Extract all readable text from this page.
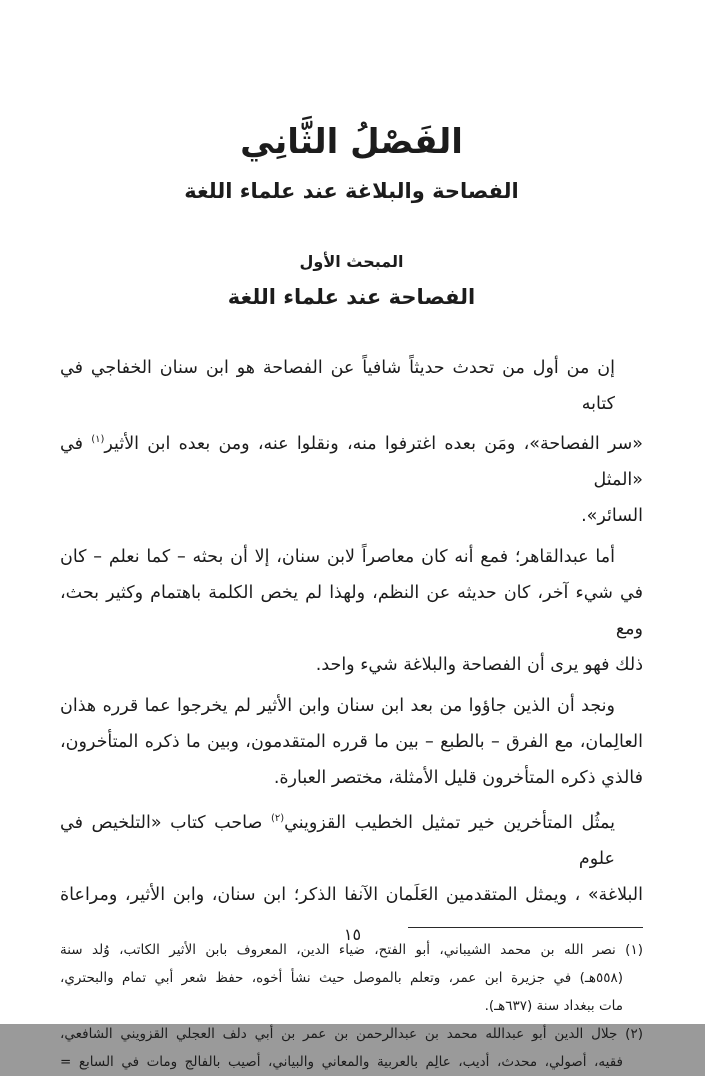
الفَصْلُ الثَّانِي
الفصاحة والبلاغة عند علماء اللغة
المبحث الأول
الفصاحة عند علماء اللغة
إن من أول من تحدث حديثاً شافياً عن الفصاحة هو ابن سنان الخفاجي في كتابه
«سر الفصاحة»، ومَن بعده اغترفوا منه، ونقلوا عنه، ومن بعده ابن الأثير$^{(١)}$ في «المثل
السائر».
أما عبدالقاهر؛ فمع أنه كان معاصراً لابن سنان، إلا أن بحثه – كما نعلم – كان
في شيء آخر، كان حديثه عن النظم، ولهذا لم يخص الكلمة باهتمام وكثير بحث، ومع
ذلك فهو يرى أن الفصاحة والبلاغة شيء واحد.
ونجد أن الذين جاؤوا من بعد ابن سنان وابن الأثير لم يخرجوا عما قرره هذان
العالِمان، مع الفرق – بالطبع – بين ما قرره المتقدمون، وبين ما ذكره المتأخرون،
فالذي ذكره المتأخرون قليل الأمثلة، مختصر العبارة.
يمثُل المتأخرين خير تمثيل الخطيب القزويني$^{(٢)}$ صاحب كتاب «التلخيص في علوم
البلاغة» ، ويمثل المتقدمين العَلَمان الآنفا الذكر؛ ابن سنان، وابن الأثير، ومراعاة
(١) نصر الله بن محمد الشيباني، أبو الفتح، ضياء الدين، المعروف بابن الأثير الكاتب، وُلد سنة
(٥٥٨هـ) في جزيرة ابن عمر، وتعلم بالموصل حيث نشأ أخوه، حفظ شعر أبي تمام والبحتري،
مات ببغداد سنة (٦٣٧هـ).
(٢) جلال الدين أبو عبدالله محمد بن عبدالرحمن بن عمر بن أبي دلف العجلي القزويني الشافعي،
فقيه، أصولي، محدث، أديب، عالِم بالعربية والمعاني والبياني، أصيب بالفالج ومات في السابع =
١٥
